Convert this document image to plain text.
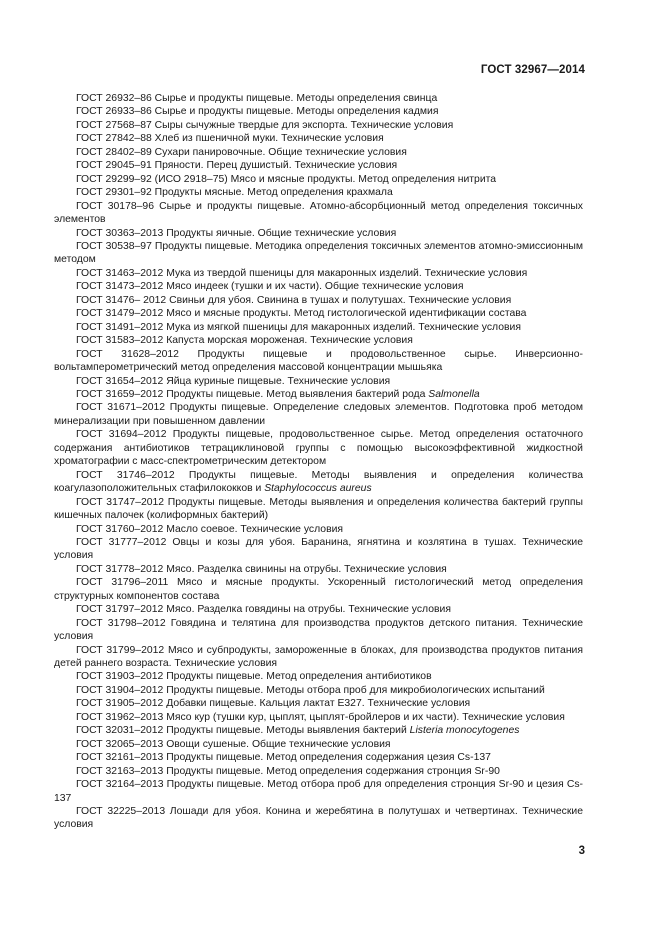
ГОСТ 32967—2014

ГОСТ 26932–86 Сырье и продукты пищевые. Методы определения свинца

ГОСТ 26933–86 Сырье и продукты пищевые. Методы определения кадмия

ГОСТ 27568–87 Сыры сычужные твердые для экспорта. Технические условия

ГОСТ 27842–88 Хлеб из пшеничной муки. Технические условия

ГОСТ 28402–89 Сухари панировочные. Общие технические условия

ГОСТ 29045–91 Пряности. Перец душистый. Технические условия

ГОСТ 29299–92 (ИСО 2918–75) Мясо и мясные продукты. Метод определения нитрита

ГОСТ 29301–92 Продукты мясные. Метод определения крахмала

ГОСТ 30178–96 Сырье и продукты пищевые. Атомно-абсорбционный метод определения токсичных элементов

ГОСТ 30363–2013 Продукты яичные. Общие технические условия

ГОСТ 30538–97 Продукты пищевые. Методика определения токсичных элементов атомно-эмиссионным методом

ГОСТ 31463–2012 Мука из твердой пшеницы для макаронных изделий. Технические условия

ГОСТ 31473–2012 Мясо индеек (тушки и их части). Общие технические условия

ГОСТ 31476– 2012 Свиньи для убоя. Свинина в тушах и полутушах. Технические условия

ГОСТ 31479–2012 Мясо и мясные продукты. Метод гистологической идентификации состава

ГОСТ 31491–2012 Мука из мягкой пшеницы для макаронных изделий. Технические условия

ГОСТ 31583–2012 Капуста морская мороженая. Технические условия

ГОСТ 31628–2012 Продукты пищевые и продовольственное сырье. Инверсионно-вольтамперометрический метод определения массовой концентрации мышьяка

ГОСТ 31654–2012 Яйца куриные пищевые. Технические условия

ГОСТ 31659–2012 Продукты пищевые. Метод выявления бактерий рода Salmonella

ГОСТ 31671–2012 Продукты пищевые. Определение следовых элементов. Подготовка проб методом минерализации при повышенном давлении

ГОСТ 31694–2012 Продукты пищевые, продовольственное сырье. Метод определения остаточного содержания антибиотиков тетрациклиновой группы с помощью высокоэффективной жидкостной хроматографии с масс-спектрометрическим детектором

ГОСТ 31746–2012 Продукты пищевые. Методы выявления и определения количества коагулазоположительных стафилококков и Staphylococcus aureus

ГОСТ 31747–2012 Продукты пищевые. Методы выявления и определения количества бактерий группы кишечных палочек (колиформных бактерий)

ГОСТ 31760–2012 Масло соевое. Технические условия

ГОСТ 31777–2012 Овцы и козы для убоя. Баранина, ягнятина и козлятина в тушах. Технические условия

ГОСТ 31778–2012 Мясо. Разделка свинины на отрубы. Технические условия

ГОСТ 31796–2011 Мясо и мясные продукты. Ускоренный гистологический метод определения структурных компонентов состава

ГОСТ 31797–2012 Мясо. Разделка говядины на отрубы. Технические условия

ГОСТ 31798–2012 Говядина и телятина для производства продуктов детского питания. Технические условия

ГОСТ 31799–2012 Мясо и субпродукты, замороженные в блоках, для производства продуктов питания детей раннего возраста. Технические условия

ГОСТ 31903–2012 Продукты пищевые. Метод определения антибиотиков

ГОСТ 31904–2012 Продукты пищевые. Методы отбора проб для микробиологических испытаний

ГОСТ 31905–2012 Добавки пищевые. Кальция лактат Е327. Технические условия

ГОСТ 31962–2013 Мясо кур (тушки кур, цыплят, цыплят-бройлеров и их части). Технические условия

ГОСТ 32031–2012 Продукты пищевые. Методы выявления бактерий Listeria monocytogenes

ГОСТ 32065–2013 Овощи сушеные. Общие технические условия

ГОСТ 32161–2013 Продукты пищевые. Метод определения содержания цезия Cs-137

ГОСТ 32163–2013 Продукты пищевые. Метод определения содержания стронция Sr-90

ГОСТ 32164–2013 Продукты пищевые. Метод отбора проб для определения стронция Sr-90 и цезия Cs-137

ГОСТ 32225–2013 Лошади для убоя. Конина и жеребятина в полутушах и четвертинах. Технические условия

3
